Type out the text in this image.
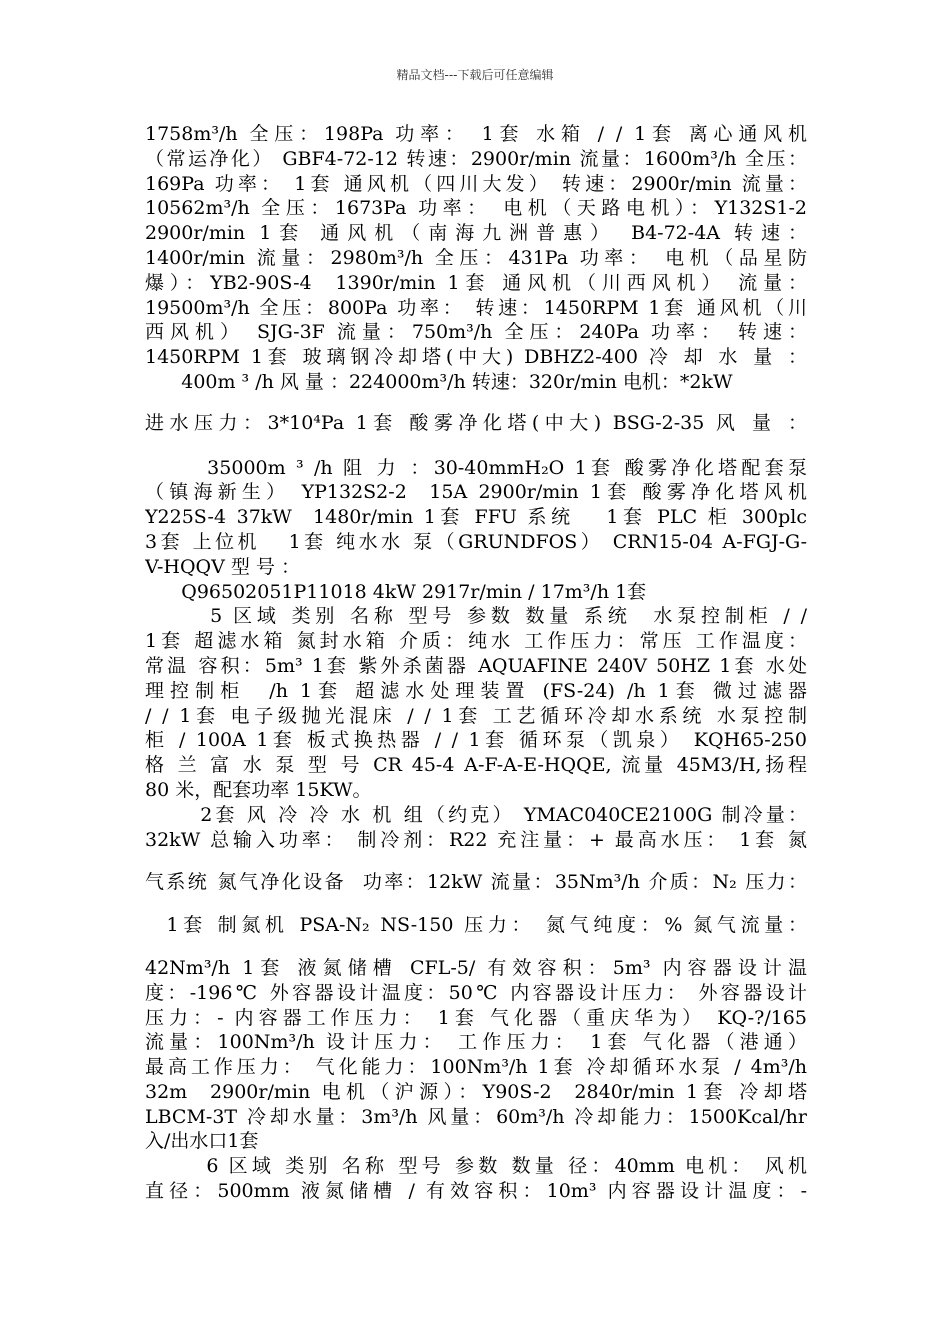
精品文档---下载后可任意编辑
1758m³/h 全压：198Pa 功率： 1套 水箱 / / 1套 离心通风机
（常运净化） GBF4-72-12 转速：2900r/min 流量：1600m³/h 全压：
169Pa 功率： 1套 通风机（四川大发） 转速：2900r/min 流量：
10562m³/h 全压：1673Pa 功率： 电机（天路电机）：Y132S1-2
2900r/min 1套 通风机（南海九洲普惠） B4-72-4A 转速：
1400r/min 流量：2980m³/h 全压：431Pa 功率： 电机（品星防
爆）：YB2-90S-4  1390r/min 1套 通风机（川西风机） 流量：
19500m³/h 全压：800Pa 功率： 转速：1450RPM 1套 通风机（川
西风机） SJG-3F 流量：750m³/h 全压：240Pa 功率： 转速：
1450RPM 1套 玻璃钢冷却塔(中大) DBHZ2-400 冷 却 水 量 ：
400m ³ /h 风 量 ：224000m³/h 转速：320r/min 电机：*2kW
进水压力：3*10⁴Pa 1套 酸雾净化塔(中大) BSG-2-35 风 量 ：
35000m ³ /h 阻 力 ：30-40mmH₂O 1套 酸雾净化塔配套泵
（镇海新生） YP132S2-2  15A 2900r/min 1套 酸雾净化塔风机
Y225S-4 37kW  1480r/min 1套 FFU 系统   1套 PLC 柜 300plc
3套 上位机   1套 纯水水 泵（GRUNDFOS） CRN15-04 A-FGJ-G-
V-HQQV 型 号 ：
Q96502051P11018 4kW 2917r/min / 17m³/h 1套
5 区域 类别 名称 型号 参数 数量 系统  水泵控制柜 / /
1套 超滤水箱 氮封水箱 介质：纯水 工作压力：常压 工作温度：
常温 容积：5m³ 1套 紫外杀菌器 AQUAFINE 240V 50HZ 1套 水处
理控制柜  /h 1套 超滤水处理装置 (FS-24) /h 1套 微过滤器
/ / 1套 电子级抛光混床 / / 1套 工艺循环冷却水系统 水泵控制
柜 / 100A 1套 板式换热器 / / 1套 循环泵（凯泉） KQH65-250
格 兰 富 水 泵 型 号 CR 45-4 A-F-A-E-HQQE, 流量 45M3/H,扬程
80 米，配套功率 15KW。
2套 风 冷 冷 水 机 组（约克） YMAC040CE2100G 制冷量：
32kW 总输入功率： 制冷剂：R22 充注量：+ 最高水压： 1套 氮
气系统 氮气净化设备  功率：12kW 流量：35Nm³/h 介质：N₂ 压力：
1套 制氮机 PSA-N₂ NS-150 压力： 氮气纯度：% 氮气流量：
42Nm³/h 1套 液氮储槽 CFL-5/ 有效容积：5m³ 内容器设计温
度：-196℃ 外容器设计温度：50℃ 内容器设计压力： 外容器设计
压力：- 内容器工作压力： 1套 气化器（重庆华为） KQ-?/165
流量：100Nm³/h 设计压力： 工作压力： 1套 气化器（港通）
最高工作压力： 气化能力：100Nm³/h 1套 冷却循环水泵 / 4m³/h
32m  2900r/min 电机（沪源）：Y90S-2  2840r/min 1套 冷却塔
LBCM-3T 冷却水量：3m³/h 风量：60m³/h 冷却能力：1500Kcal/hr
入/出水口1套
6 区域 类别 名称 型号 参数 数量 径：40mm 电机： 风机
直径：500mm 液氮储槽 / 有效容积：10m³ 内容器设计温度：-
